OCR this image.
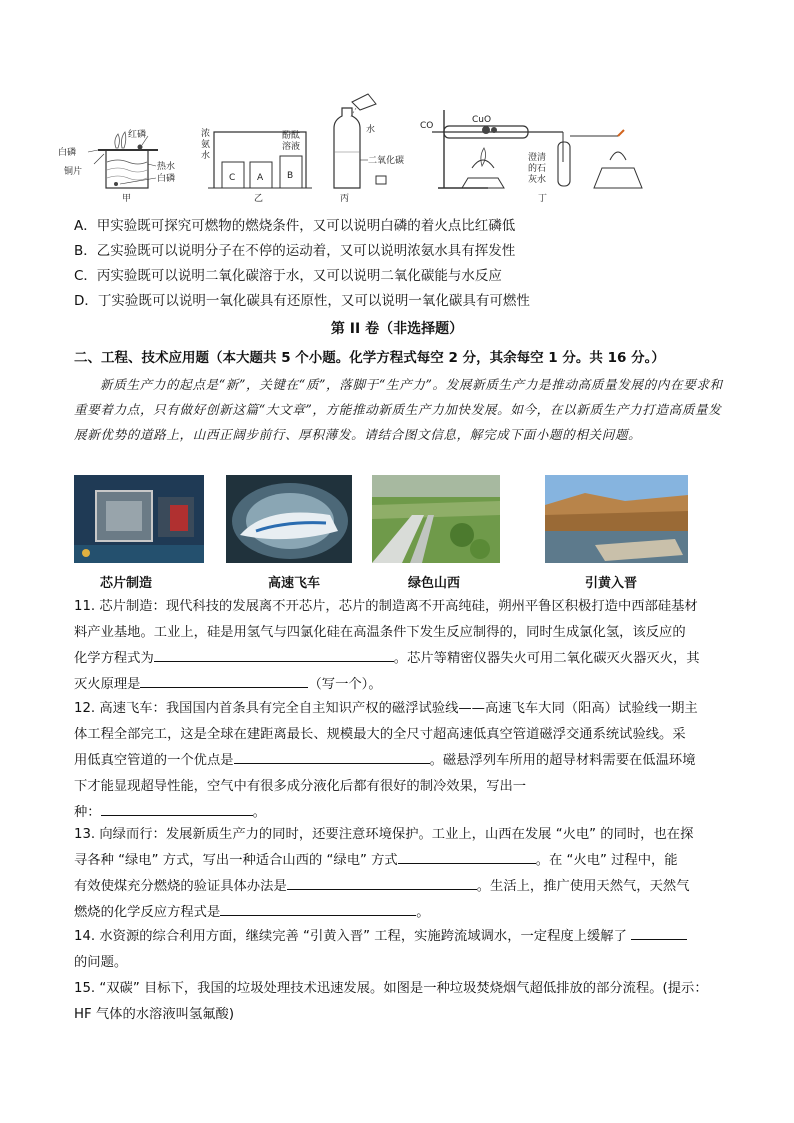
红磷
白磷
铜片	热水
白磷
甲
浓氨水
酚酞溶液
C A	B
乙
水
二氧化碳
丙
CO
CuO
澄清的石灰水
丁
A．甲实验既可探究可燃物的燃烧条件，又可以说明白磷的着火点比红磷低
B．乙实验既可以说明分子在不停的运动着，又可以说明浓氨水具有挥发性
C．丙实验既可以说明二氧化碳溶于水，又可以说明二氧化碳能与水反应
D．丁实验既可以说明一氧化碳具有还原性，又可以说明一氧化碳具有可燃性
第 II 卷（非选择题）
二、工程、技术应用题（本大题共 5 个小题。化学方程式每空 2 分，其余每空 1 分。共 16 分。）
新质生产力的起点是“新”，关键在“质”，落脚于“生产力”。发展新质生产力是推动高质量发展的内在要求和重要着力点，只有做好创新这篇“大文章”，方能推动新质生产力加快发展。如今，在以新质生产力打造高质量发展新优势的道路上，山西正阔步前行、厚积薄发。请结合图文信息，解完成下面小题的相关问题。
芯片制造	高速飞车	绿色山西	引黄入晋
11. 芯片制造：现代科技的发展离不开芯片，芯片的制造离不开高纯硅，朔州平鲁区积极打造中西部硅基材
料产业基地。工业上，硅是用氢气与四氯化硅在高温条件下发生反应制得的，同时生成氯化氢，该反应的
化学方程式为	。芯片等精密仪器失火可用二氧化碳灭火器灭火，其
灭火原理是	（写一个）。
12. 高速飞车：我国国内首条具有完全自主知识产权的磁浮试验线——高速飞车大同（阳高）试验线一期主
体工程全部完工，这是全球在建距离最长、规模最大的全尺寸超高速低真空管道磁浮交通系统试验线。采
用低真空管道的一个优点是	。磁悬浮列车所用的超导材料需要在低温环境
下才能显现超导性能，空气中有很多成分液化后都有很好的制冷效果，写出一
种：	。
13. 向绿而行：发展新质生产力的同时，还要注意环境保护。工业上，山西在发展 “火电” 的同时，也在探
寻各种 “绿电” 方式，写出一种适合山西的 “绿电” 方式	。在 “火电” 过程中，能
有效使煤充分燃烧的验证具体办法是	。生活上，推广使用天然气，天然气
燃烧的化学反应方程式是	。
14. 水资源的综合利用方面，继续完善 “引黄入晋” 工程，实施跨流域调水，一定程度上缓解了
的问题。
15. “双碳” 目标下，我国的垃圾处理技术迅速发展。如图是一种垃圾焚烧烟气超低排放的部分流程。(提示：
HF 气体的水溶液叫氢氟酸)
